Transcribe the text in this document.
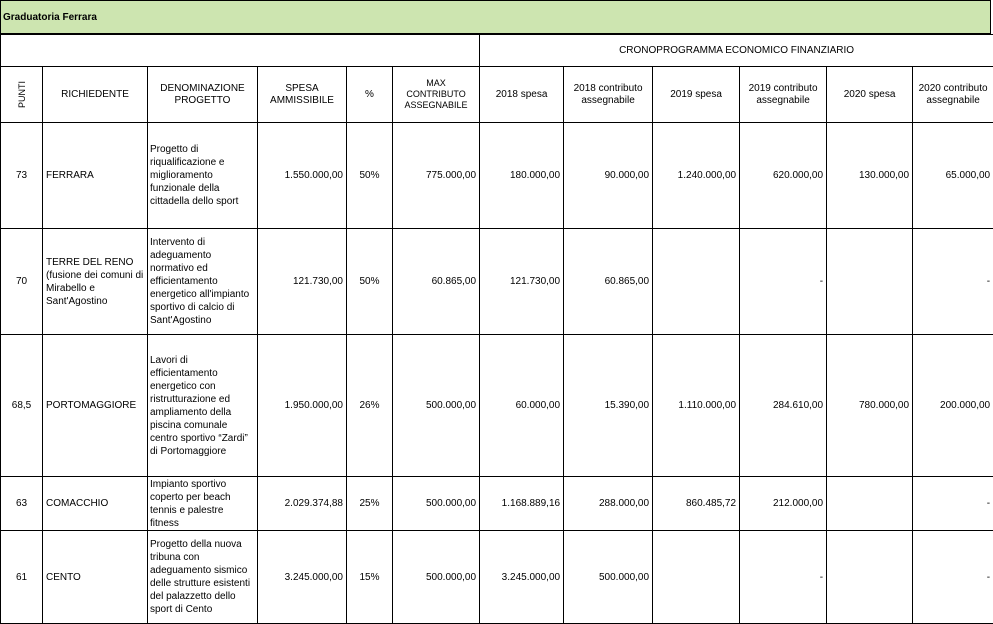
Graduatoria Ferrara
						CRONOPROGRAMMA ECONOMICO FINANZIARIO					

PUNTI	RICHIEDENTE	DENOMINAZIONE PROGETTO	SPESA AMMISSIBILE	%	MAX CONTRIBUTO ASSEGNABILE	2018 spesa	2018 contributo assegnabile	2019 spesa	2019 contributo assegnabile	2020 spesa	2020 contributo assegnabile
73	FERRARA	Progetto di riqualificazione e miglioramento funzionale della cittadella dello sport	1.550.000,00	50%	775.000,00	180.000,00	90.000,00	1.240.000,00	620.000,00	130.000,00	65.000,00
70	TERRE DEL RENO (fusione dei comuni di Mirabello e Sant'Agostino	Intervento di adeguamento normativo ed efficientamento energetico all'impianto sportivo di calcio di Sant'Agostino	121.730,00	50%	60.865,00	121.730,00	60.865,00		-		-
68,5	PORTOMAGGIORE	Lavori di efficientamento energetico con ristrutturazione ed ampliamento della piscina comunale centro sportivo “Zardi” di Portomaggiore	1.950.000,00	26%	500.000,00	60.000,00	15.390,00	1.110.000,00	284.610,00	780.000,00	200.000,00
63	COMACCHIO	Impianto sportivo coperto per beach tennis e palestre fitness	2.029.374,88	25%	500.000,00	1.168.889,16	288.000,00	860.485,72	212.000,00		-
61	CENTO	Progetto della nuova tribuna con adeguamento sismico delle strutture esistenti del palazzetto dello sport di Cento	3.245.000,00	15%	500.000,00	3.245.000,00	500.000,00		-		-
